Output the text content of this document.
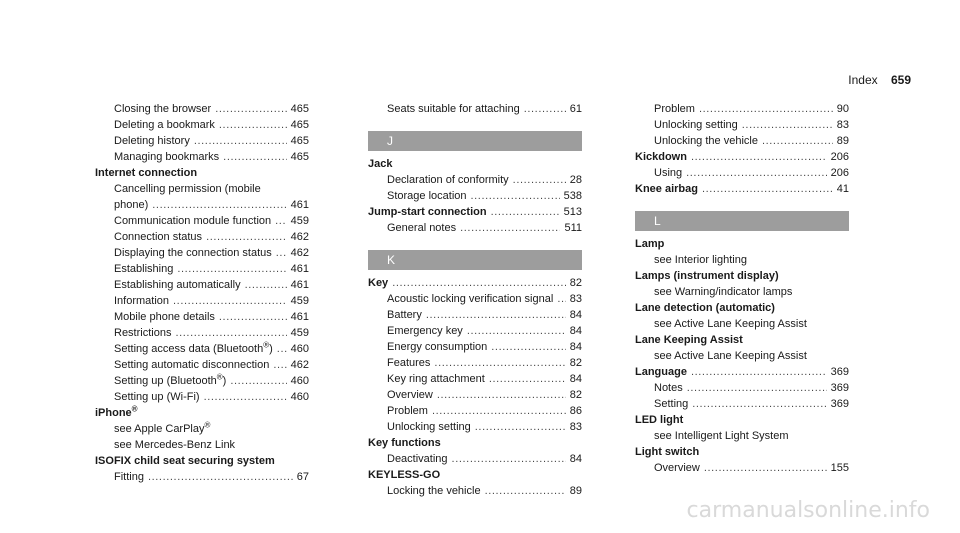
Index 659
Closing the browser .....	465
Deleting a bookmark .....	465
Deleting history .....	465
Managing bookmarks .....	465
Internet connection
Cancelling permission (mobile
phone) .....	461
Communication module function ..... 459
Connection status .....	462
Displaying the connection status ..... 462
Establishing .....	461
Establishing automatically .....	461
Information .....	459
Mobile phone details .....	461
Restrictions .....	459
Setting access data (Bluetooth®) ..... 460
Setting automatic disconnection ..... 462
Setting up (Bluetooth®) .....	460
Setting up (Wi-Fi) .....	460
iPhone®
see Apple CarPlay®
see Mercedes-Benz Link
ISOFIX child seat securing system
Fitting .....	67
Seats suitable for attaching .....	61
J
Jack
Declaration of conformity .....	28
Storage location .....	538
Jump-start connection .....	513
General notes .....	511
K
Key .....	82
Acoustic locking verification signal ..... 83
Battery .....	84
Emergency key .....	84
Energy consumption .....	84
Features .....	82
Key ring attachment .....	84
Overview .....	82
Problem .....	86
Unlocking setting .....	83
Key functions
Deactivating .....	84
KEYLESS-GO
Locking the vehicle .....	89
Problem .....	90
Unlocking setting .....	83
Unlocking the vehicle .....	89
Kickdown .....	206
Using .....	206
Knee airbag .....	41
L
Lamp
see Interior lighting
Lamps (instrument display)
see Warning/indicator lamps
Lane detection (automatic)
see Active Lane Keeping Assist
Lane Keeping Assist
see Active Lane Keeping Assist
Language .....	369
Notes .....	369
Setting .....	369
LED light
see Intelligent Light System
Light switch
Overview .....	155
carmanualsonline.info
